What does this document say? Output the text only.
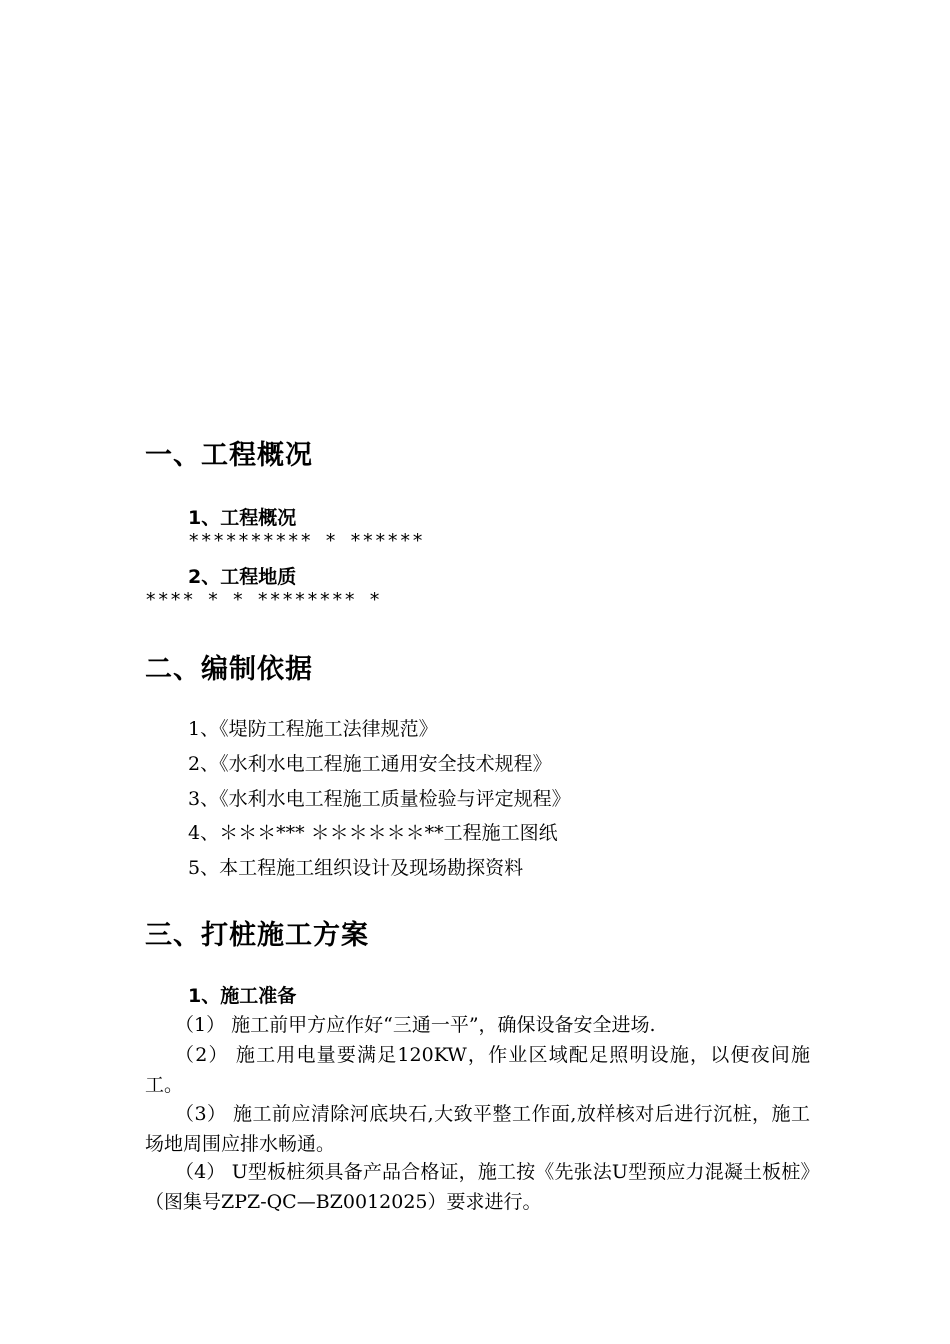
一、工程概况
1、工程概况

********** * ******

2、工程地质

**** * * ******** *

二、编制依据

1、《堤防工程施工法律规范》

2、《水利水电工程施工通用安全技术规程》

3、《水利水电工程施工质量检验与评定规程》

4、＊＊＊*** ＊＊＊＊＊＊**工程施工图纸

5、本工程施工组织设计及现场勘探资料

三、打桩施工方案
1、施工准备

（1） 施工前甲方应作好“三通一平”，确保设备安全进场.

（2） 施工用电量要满足120KW，作业区域配足照明设施，以便夜间施工。

（3） 施工前应清除河底块石,大致平整工作面,放样核对后进行沉桩，施工场地周围应排水畅通。

（4） U型板桩须具备产品合格证，施工按《先张法U型预应力混凝土板桩》（图集号ZPZ-QC—BZ0012025）要求进行。
